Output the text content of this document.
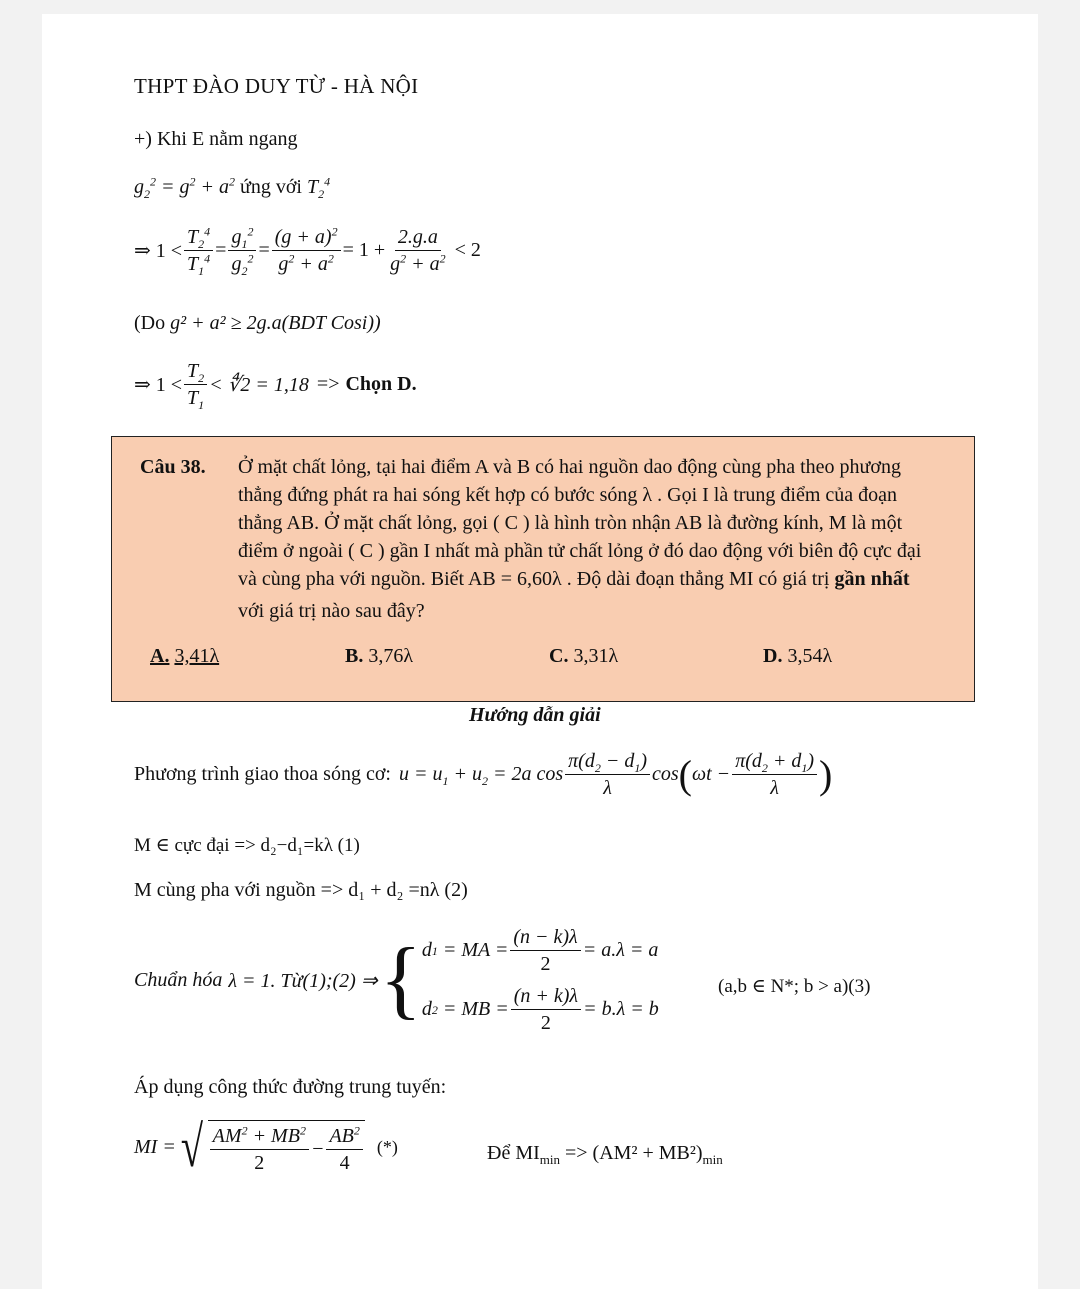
THPT ĐÀO DUY TỪ - HÀ NỘI
+) Khi E nằm ngang
$g_2^2 = g^2 + a^2$ ứng với $T_2^4$
⇒ $1 < \frac{T_2^4}{T_1^4} = \frac{g_1^2}{g_2^2} = \frac{(g + a)^2}{g^2 + a^2} = 1 + \frac{2.g.a}{g^2 + a^2} < 2$
(Do g² + a² ≥ 2g.a(BDT Cosi))
⇒ $1 < \frac{T_2}{T_1}$ < ∜2 = 1,18 => Chọn D.
Câu 38. Ở mặt chất lỏng, tại hai điểm A và B có hai nguồn dao động cùng pha theo phương
thẳng đứng phát ra hai sóng kết hợp có bước sóng λ . Gọi I là trung điểm của đoạn
thẳng AB. Ở mặt chất lỏng, gọi ( C ) là hình tròn nhận AB là đường kính, M là một
điểm ở ngoài ( C ) gần I nhất mà phần tử chất lỏng ở đó dao động với biên độ cực đại
và cùng pha với nguồn. Biết AB = 6,60λ . Độ dài đoạn thẳng MI có giá trị gần nhất
với giá trị nào sau đây?
A. 3,41λ	B. 3,76λ	C. 3,31λ	D. 3,54λ
Hướng dẫn giải
Phương trình giao thoa sóng cơ: $u = u_1 + u_2 = 2a$ $\cos \frac{\pi(d_2 - d_1)}{\lambda}$ cos ( $\omega t - \frac{\pi(d_2 + d_1)}{\lambda}$ )
M ∈ cực đại => d₂−d₁=kλ (1)
M cùng pha với nguồn => d₁ + d₂ =nλ (2)
Chuẩn hóa λ = 1. Từ(1);(2) ⇒ { d 1 = MA = $\frac{(n - k)\lambda}{2} = a.\lambda = a$
d 2 = MB = $\frac{(n + k)\lambda}{2} = b.\lambda = b$
(a,b ∈ N*; b > a)(3)
Áp dụng công thức đường trung tuyến:
MI = √ $\frac{AM^2 + MB^2}{2} - \frac{AB^2}{4}$ (*)	Để $MI_{min} => (AM^2 + MB^2)_{min}$
